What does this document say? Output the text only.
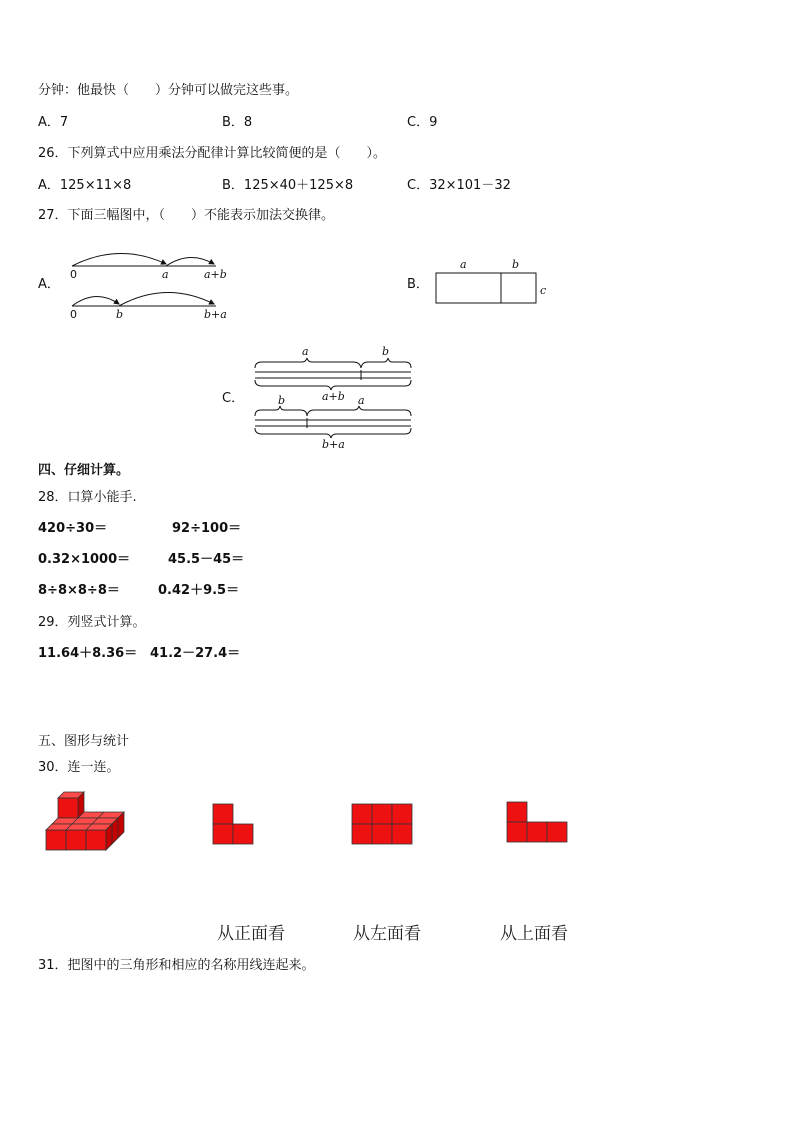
分钟：他最快（　　）分钟可以做完这些事。
A．7	B．8	C．9
26．下列算式中应用乘法分配律计算比较简便的是（　　）。
A．125×11×8	B．125×40＋125×8	C．32×101－32
27．下面三幅图中，（　　）不能表示加法交换律。
A．	B．
C．
0	a	a+b
0	b	b+a
a	b
c
a	b
a+b
b	a
b+a
四、仔细计算。
28．口算小能手.
420÷30＝	92÷100＝
0.32×1000＝	45.5－45＝
8÷8×8÷8＝	0.42＋9.5＝
29．列竖式计算。
11.64＋8.36＝ 41.2－27.4＝
五、图形与统计
30．连一连。
从正面看	从左面看	从上面看
31．把图中的三角形和相应的名称用线连起来。
